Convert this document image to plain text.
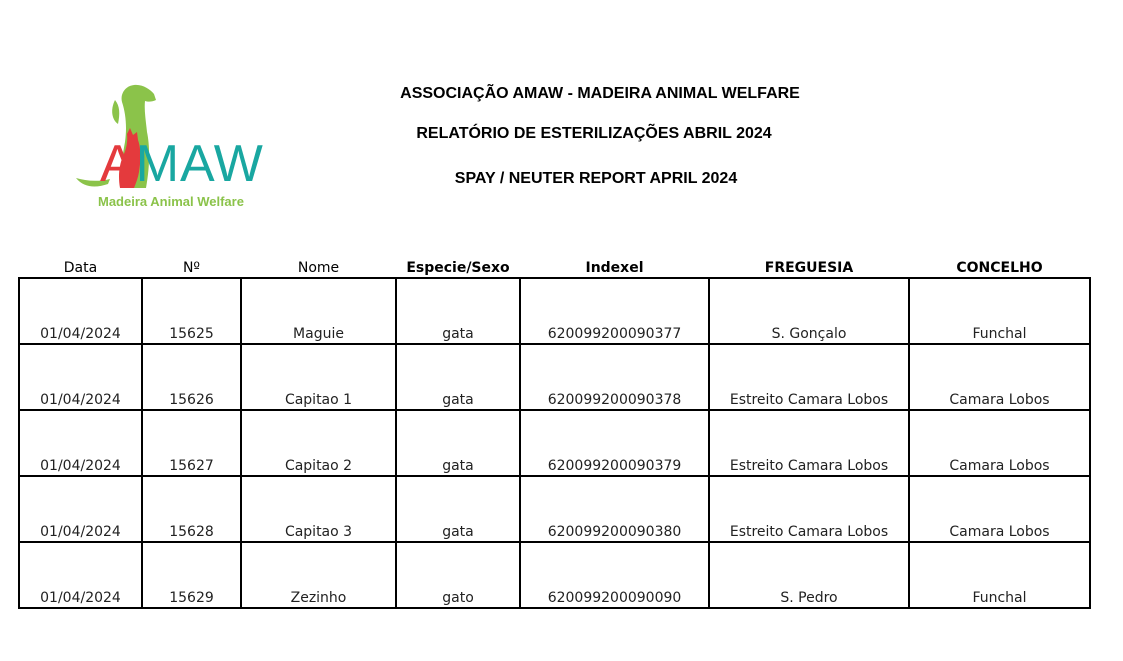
AMAW
Madeira Animal Welfare
ASSOCIAÇÃO AMAW - MADEIRA ANIMAL WELFARE
RELATÓRIO DE ESTERILIZAÇÕES ABRIL 2024
SPAY / NEUTER REPORT APRIL 2024
Data	Nº	Nome	Especie/Sexo	Indexel	FREGUESIA	CONCELHO
01/04/2024	15625	Maguie	gata	620099200090377	S. Gonçalo	Funchal
01/04/2024	15626	Capitao 1	gata	620099200090378	Estreito Camara Lobos	Camara Lobos
01/04/2024	15627	Capitao 2	gata	620099200090379	Estreito Camara Lobos	Camara Lobos
01/04/2024	15628	Capitao 3	gata	620099200090380	Estreito Camara Lobos	Camara Lobos
01/04/2024	15629	Zezinho	gato	620099200090090	S. Pedro	Funchal
